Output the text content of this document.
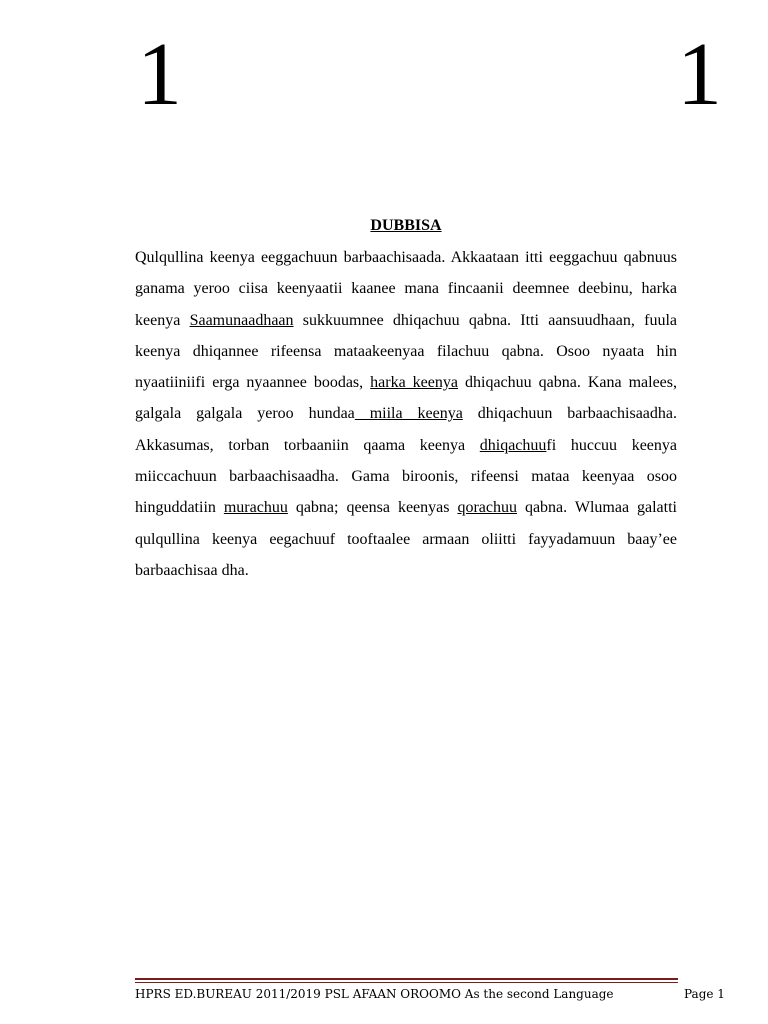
1	1
DUBBISA

Qulqullina keenya eeggachuun barbaachisaada. Akkaataan itti eeggachuu qabnuus ganama yeroo ciisa keenyaatii kaanee mana fincaanii deemnee deebinu, harka keenya Saamunaadhaan sukkuumnee dhiqachuu qabna. Itti aansuudhaan, fuula keenya dhiqannee rifeensa mataakeenyaa filachuu qabna. Osoo nyaata hin nyaatiiniifi erga nyaannee boodas, harka keenya dhiqachuu qabna. Kana malees, galgala galgala yeroo hundaa miila keenya dhiqachuun barbaachisaadha. Akkasumas, torban torbaaniin qaama keenya dhiqachuufi huccuu keenya miiccachuun barbaachisaadha. Gama biroonis, rifeensi mataa keenyaa osoo hinguddatiin murachuu qabna; qeensa keenyas qorachuu qabna. Wlumaa galatti qulqullina keenya eegachuuf tooftaalee armaan oliitti fayyadamuun baay’ee barbaachisaa dha.

HPRS ED.BUREAU 2011/2019 PSL AFAAN OROOMO As the second Language	Page 1
